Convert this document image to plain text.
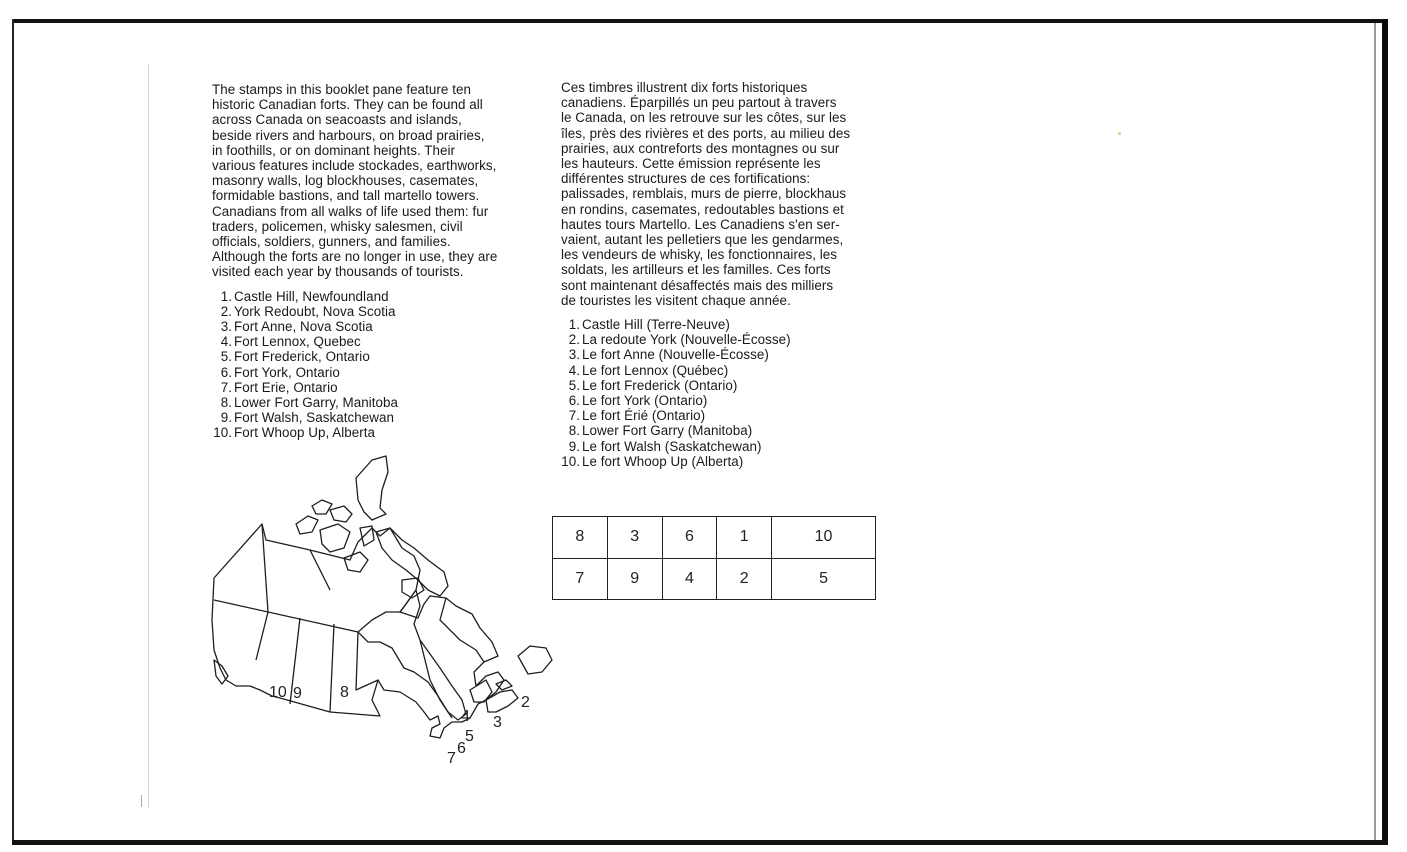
The stamps in this booklet pane feature ten

historic Canadian forts. They can be found all

across Canada on seacoasts and islands,

beside rivers and harbours, on broad prairies,

in foothills, or on dominant heights. Their

various features include stockades, earthworks,

masonry walls, log blockhouses, casemates,

formidable bastions, and tall martello towers.

Canadians from all walks of life used them: fur

traders, policemen, whisky salesmen, civil

officials, soldiers, gunners, and families.

Although the forts are no longer in use, they are

visited each year by thousands of tourists.

1. Castle Hill, Newfoundland
2. York Redoubt, Nova Scotia
3. Fort Anne, Nova Scotia
4. Fort Lennox, Quebec
5. Fort Frederick, Ontario
6. Fort York, Ontario
7. Fort Erie, Ontario
8. Lower Fort Garry, Manitoba
9. Fort Walsh, Saskatchewan
10. Fort Whoop Up, Alberta

Ces timbres illustrent dix forts historiques

canadiens. Éparpillés un peu partout à travers

le Canada, on les retrouve sur les côtes, sur les

îles, près des rivières et des ports, au milieu des

prairies, aux contreforts des montagnes ou sur

les hauteurs. Cette émission représente les

différentes structures de ces fortifications:

palissades, remblais, murs de pierre, blockhaus

en rondins, casemates, redoutables bastions et

hautes tours Martello. Les Canadiens s'en ser-

vaient, autant les pelletiers que les gendarmes,

les vendeurs de whisky, les fonctionnaires, les

soldats, les artilleurs et les familles. Ces forts

sont maintenant désaffectés mais des milliers

de touristes les visitent chaque année.

1. Castle Hill (Terre-Neuve)
2. La redoute York (Nouvelle-Écosse)
3. Le fort Anne (Nouvelle-Écosse)
4. Le fort Lennox (Québec)
5. Le fort Frederick (Ontario)
6. Le fort York (Ontario)
7. Le fort Érié (Ontario)
8. Lower Fort Garry (Manitoba)
9. Le fort Walsh (Saskatchewan)
10. Le fort Whoop Up (Alberta)
8	3	6	1	10
7	9	4	2	5
10 9 8
4
5
6
7
3
2
